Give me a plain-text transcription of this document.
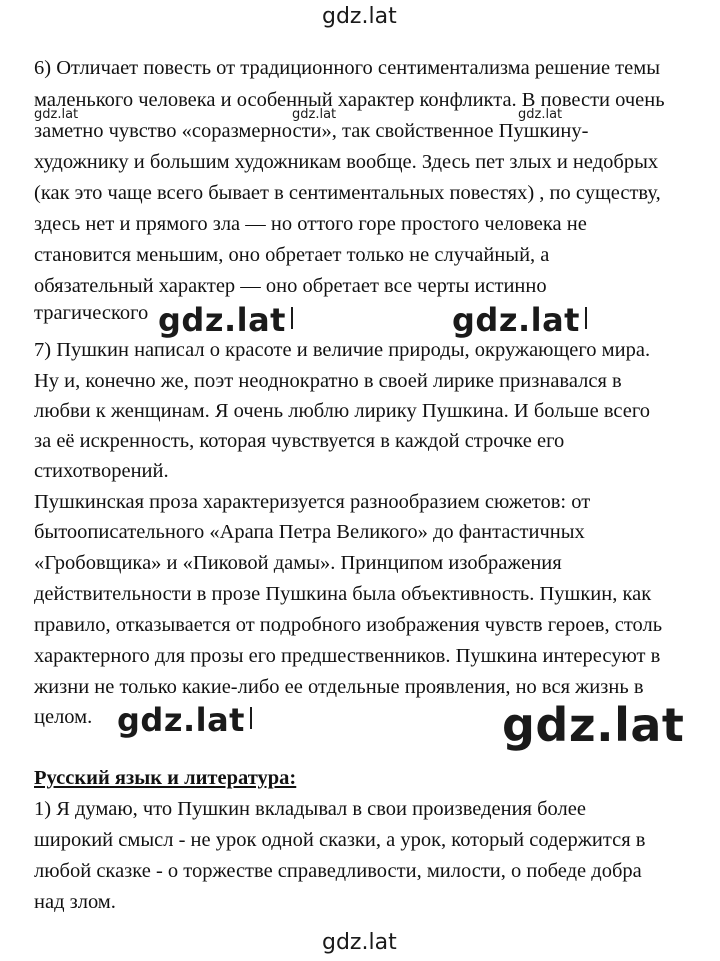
gdz.lat
gdz.lat	gdz.lat	gdz.lat
6) Отличает повесть от традиционного сентиментализма решение темы
маленького человека и особенный характер конфликта. В повести очень
заметно чувство «соразмерности», так свойственное Пушкину-
художнику и большим художникам вообще. Здесь пет злых и недобрых
(как это чаще всего бывает в сентиментальных повестях) , по существу,
здесь нет и прямого зла — но оттого горе простого человека не
становится меньшим, оно обретает только не случайный, а
обязательный характер — оно обретает все черты истинно
трагического gdz.lat	gdz.lat
7) Пушкин написал о красоте и величие природы, окружающего мира.
Ну и, конечно же, поэт неоднократно в своей лирике признавался в
любви к женщинам. Я очень люблю лирику Пушкина. И больше всего
за её искренность, которая чувствуется в каждой строчке его
стихотворений.
Пушкинская проза характеризуется разнообразием сюжетов: от
бытоописательного «Арапа Петра Великого» до фантастичных
«Гробовщика» и «Пиковой дамы». Принципом изображения
действительности в прозе Пушкина была объективность. Пушкин, как
правило, отказывается от подробного изображения чувств героев, столь
характерного для прозы его предшественников. Пушкина интересуют в
жизни не только какие-либо ее отдельные проявления, но вся жизнь в
целом. gdz.lat	gdz.lat
Русский язык и литература:
1) Я думаю, что Пушкин вкладывал в свои произведения более
широкий смысл - не урок одной сказки, а урок, который содержится в
любой сказке - о торжестве справедливости, милости, о победе добра
над злом.
gdz.lat
